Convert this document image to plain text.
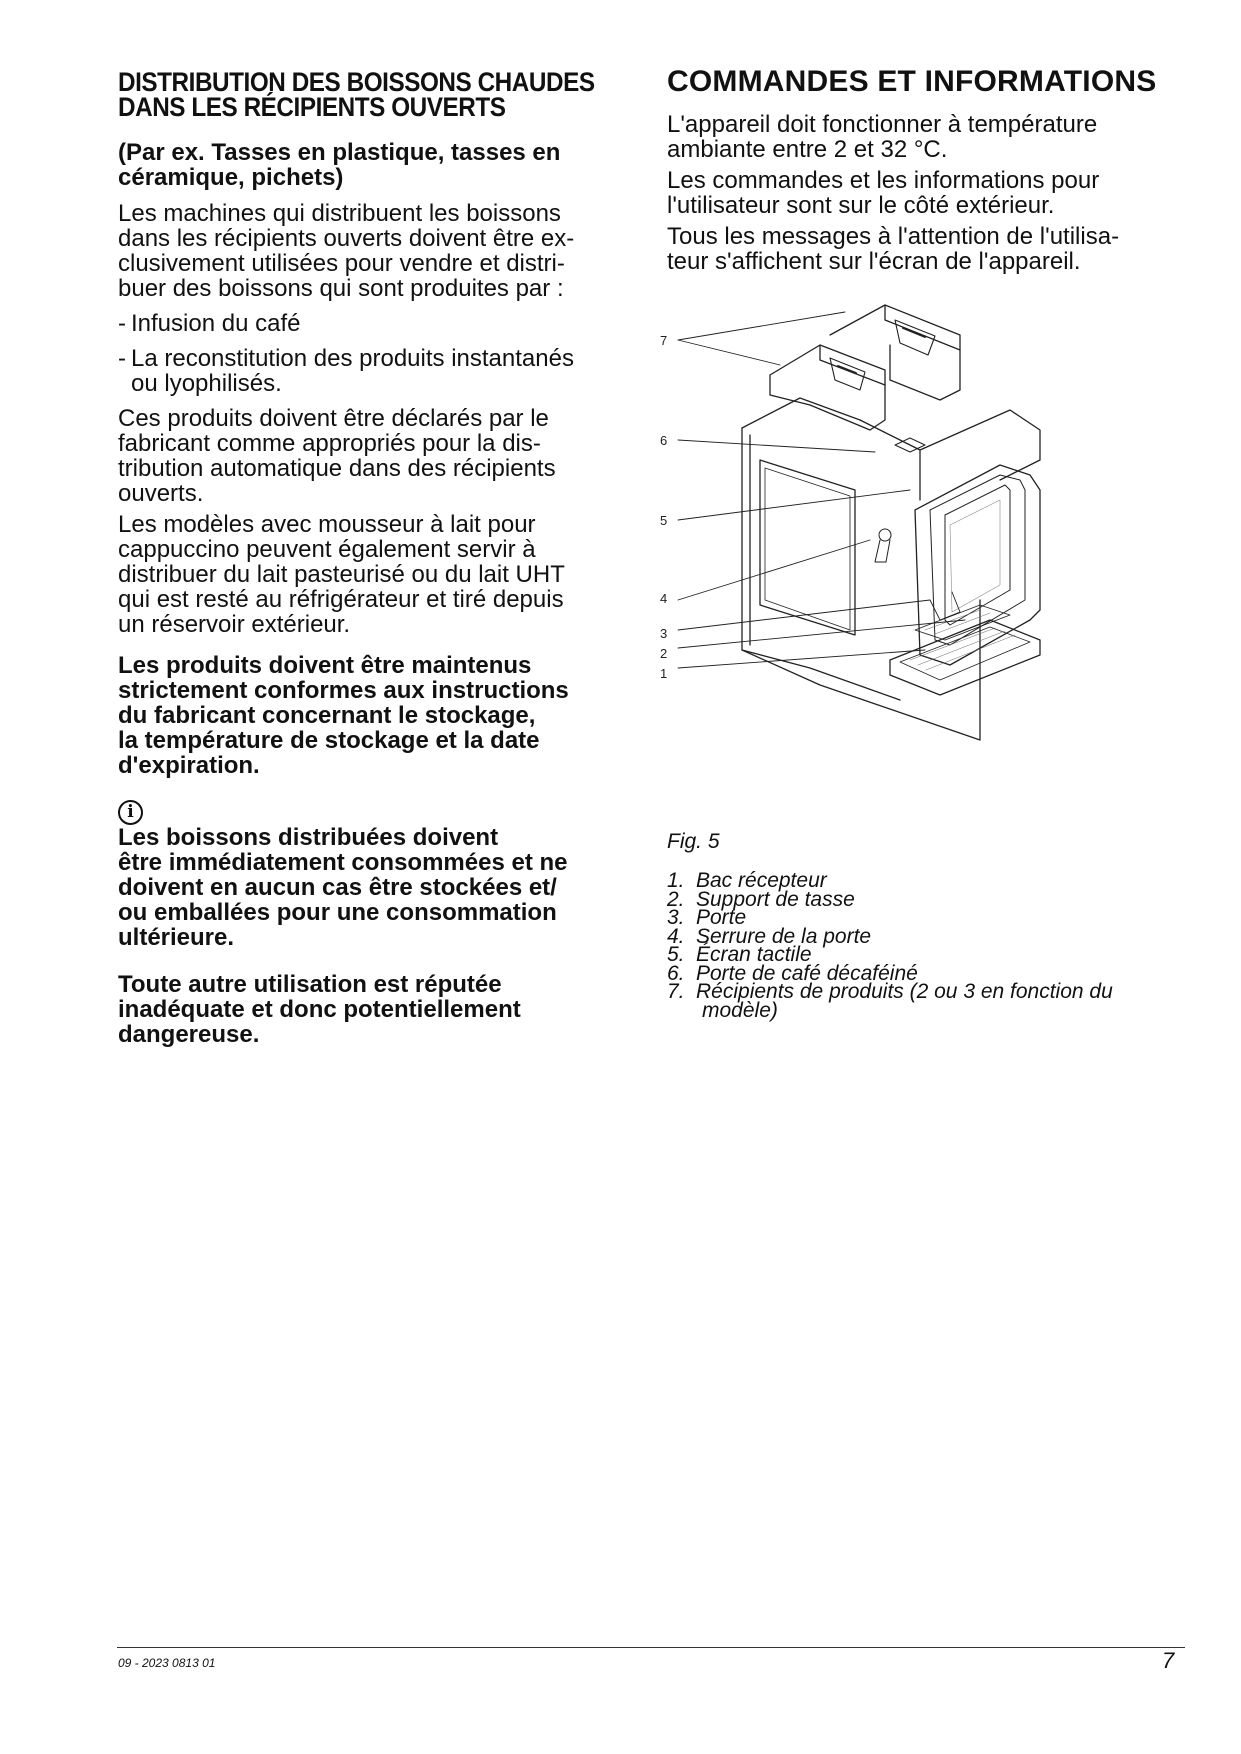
DISTRIBUTION DES BOISSONS CHAUDES
DANS LES RÉCIPIENTS OUVERTS
(Par ex. Tasses en plastique, tasses en céramique, pichets)
Les machines qui distribuent les boissons
dans les récipients ouverts doivent être ex-
clusivement utilisées pour vendre et distri-
buer des boissons qui sont produites par :
- Infusion du café
- La reconstitution des produits instantanés
ou lyophilisés.
Ces produits doivent être déclarés par le
fabricant comme appropriés pour la dis-
tribution automatique dans des récipients
ouverts.
Les modèles avec mousseur à lait pour
cappuccino peuvent également servir à
distribuer du lait pasteurisé ou du lait UHT
qui est resté au réfrigérateur et tiré depuis
un réservoir extérieur.
Les produits doivent être maintenus
strictement conformes aux instructions
du fabricant concernant le stockage,
la température de stockage et la date
d'expiration.
i
Les boissons distribuées doivent
être immédiatement consommées et ne
doivent en aucun cas être stockées et/
ou emballées pour une consommation
ultérieure.
Toute autre utilisation est réputée
inadéquate et donc potentiellement
dangereuse.
COMMANDES ET INFORMATIONS
L'appareil doit fonctionner à température
ambiante entre 2 et 32 °C.
Les commandes et les informations pour
l'utilisateur sont sur le côté extérieur.
Tous les messages à l'attention de l'utilisa-
teur s'affichent sur l'écran de l'appareil.
7
6
5
4
3
2
1
Fig. 5
1. Bac récepteur
2. Support de tasse
3. Porte
4. Serrure de la porte
5. Écran tactile
6. Porte de café décaféiné
7. Récipients de produits (2 ou 3 en fonction du
modèle)
09 - 2023 0813 01	7
